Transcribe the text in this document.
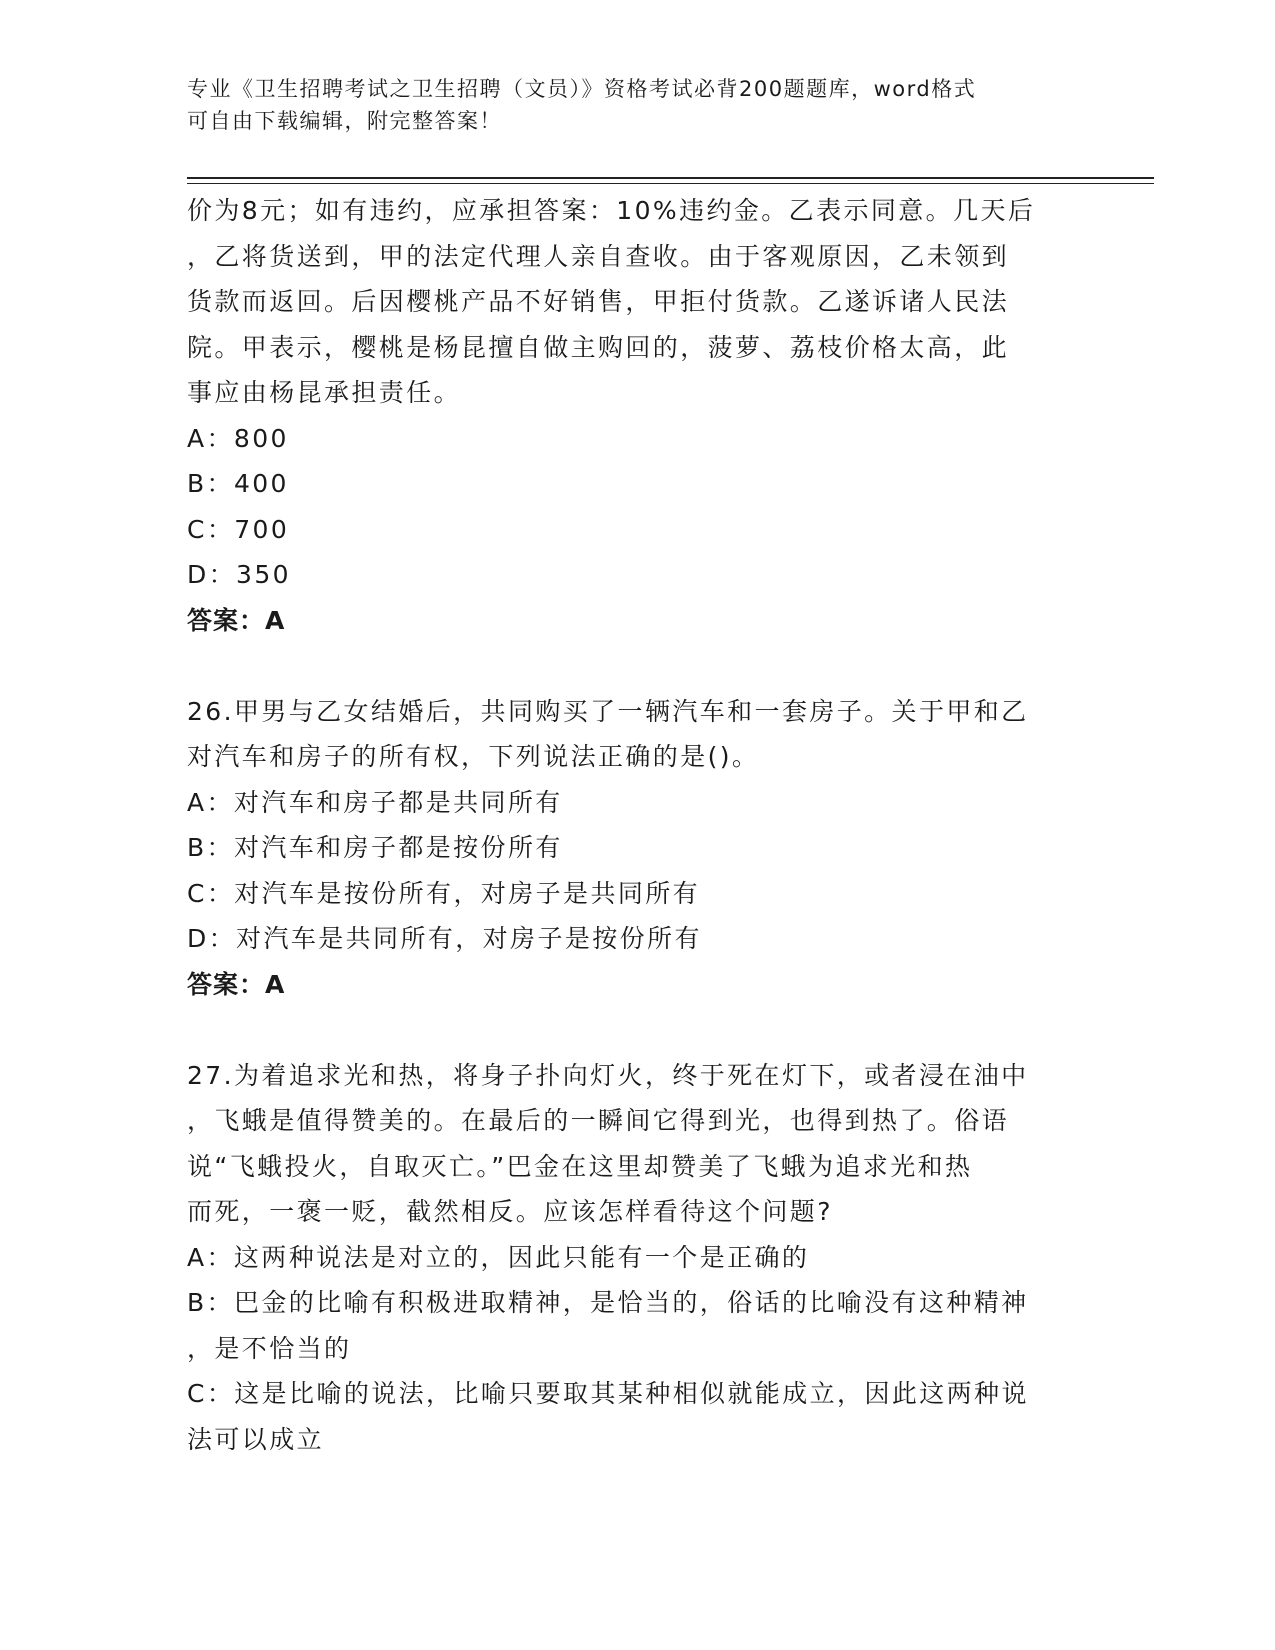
专业《卫生招聘考试之卫生招聘（文员）》资格考试必背200题题库，word格式
可自由下载编辑，附完整答案！
价为8元；如有违约，应承担答案：10%违约金。乙表示同意。几天后
，乙将货送到，甲的法定代理人亲自查收。由于客观原因，乙未领到
货款而返回。后因樱桃产品不好销售，甲拒付货款。乙遂诉诸人民法
院。甲表示，樱桃是杨昆擅自做主购回的，菠萝、荔枝价格太高，此
事应由杨昆承担责任。
A：800
B：400
C：700
D：350
答案：A
26.甲男与乙女结婚后，共同购买了一辆汽车和一套房子。关于甲和乙
对汽车和房子的所有权，下列说法正确的是()。
A：对汽车和房子都是共同所有
B：对汽车和房子都是按份所有
C：对汽车是按份所有，对房子是共同所有
D：对汽车是共同所有，对房子是按份所有
答案：A
27.为着追求光和热，将身子扑向灯火，终于死在灯下，或者浸在油中
，飞蛾是值得赞美的。在最后的一瞬间它得到光，也得到热了。俗语
说“飞蛾投火，自取灭亡。”巴金在这里却赞美了飞蛾为追求光和热
而死，一褒一贬，截然相反。应该怎样看待这个问题?
A：这两种说法是对立的，因此只能有一个是正确的
B：巴金的比喻有积极进取精神，是恰当的，俗话的比喻没有这种精神
，是不恰当的
C：这是比喻的说法，比喻只要取其某种相似就能成立，因此这两种说
法可以成立
